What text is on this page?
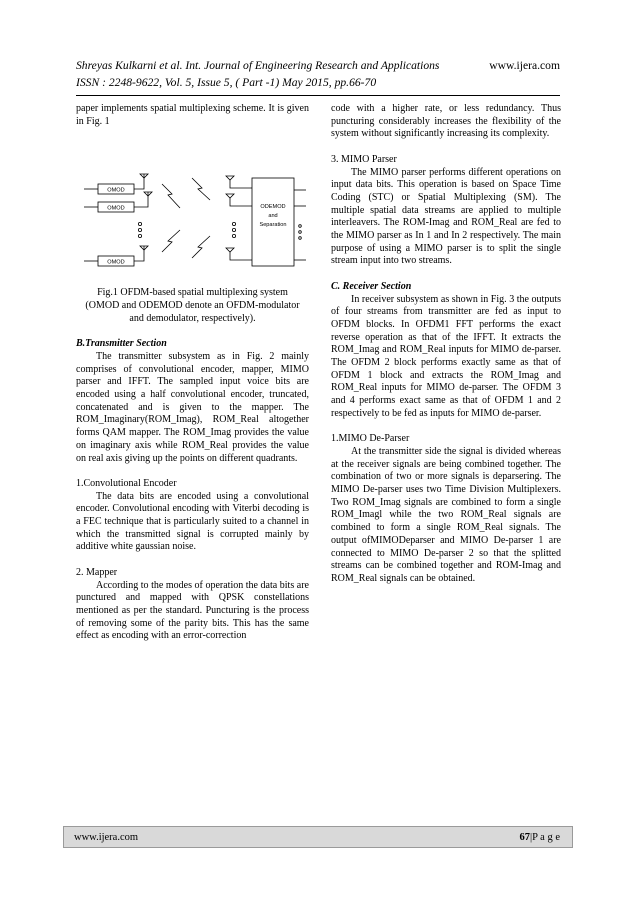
Shreyas Kulkarni et al. Int. Journal of Engineering Research and Applications	www.ijera.com
ISSN : 2248-9622, Vol. 5, Issue 5, ( Part -1) May 2015, pp.66-70

paper implements spatial multiplexing scheme. It is given in Fig. 1

OMOD
OMOD
OMOD
ODEMOD
and
Separation

Fig.1 OFDM-based spatial multiplexing system
(OMOD and ODEMOD denote an OFDM-modulator
and demodulator, respectively).

B.Transmitter Section

The transmitter subsystem as in Fig. 2 mainly comprises of convolutional encoder, mapper, MIMO parser and IFFT. The sampled input voice bits are encoded using a half convolutional encoder, truncated, concatenated and is given to the mapper. The ROM_Imaginary(ROM_Imag), ROM_Real altogether forms QAM mapper. The ROM_Imag provides the value on imaginary axis while ROM_Real provides the value on real axis giving up the points on different quadrants.

1.Convolutional Encoder

The data bits are encoded using a convolutional encoder. Convolutional encoding with Viterbi decoding is a FEC technique that is particularly suited to a channel in which the transmitted signal is corrupted mainly by additive white gaussian noise.

2. Mapper

According to the modes of operation the data bits are punctured and mapped with QPSK constellations mentioned as per the standard. Puncturing is the process of removing some of the parity bits. This has the same effect as encoding with an error-correction

code with a higher rate, or less redundancy. Thus puncturing considerably increases the flexibility of the system without significantly increasing its complexity.

3. MIMO Parser

The MIMO parser performs different operations on input data bits. This operation is based on Space Time Coding (STC) or Spatial Multiplexing (SM). The multiple spatial data streams are applied to multiple interleavers. The ROM-Imag and ROM_Real are fed to the MIMO parser as In 1 and In 2 respectively. The main purpose of using a MIMO parser is to split the single stream input into two streams.

C. Receiver Section

In receiver subsystem as shown in Fig. 3 the outputs of four streams from transmitter are fed as input to OFDM blocks. In OFDM1 FFT performs the exact reverse operation as that of the IFFT. It extracts the ROM_Imag and ROM_Real inputs for MIMO de-parser. The OFDM 2 block performs exactly same as that of OFDM 1 block and extracts the ROM_Imag and ROM_Real inputs for MIMO de-parser. The OFDM 3 and 4 performs exact same as that of OFDM 1 and 2 respectively to be fed as inputs for MIMO de-parser.

1.MIMO De-Parser

At the transmitter side the signal is divided whereas at the receiver signals are being combined together. The combination of two or more signals is deparsering. The MIMO De-parser uses two Time Division Multiplexers. Two ROM_Imag signals are combined to form a single ROM_Imagl while the two ROM_Real signals are combined to form a single ROM_Real signals. The output ofMIMODeparser and MIMO De-parser 1 are connected to MIMO De-parser 2 so that the splitted streams can be combined together and ROM-Imag and ROM_Real signals can be obtained.

www.ijera.com	67|P a g e
